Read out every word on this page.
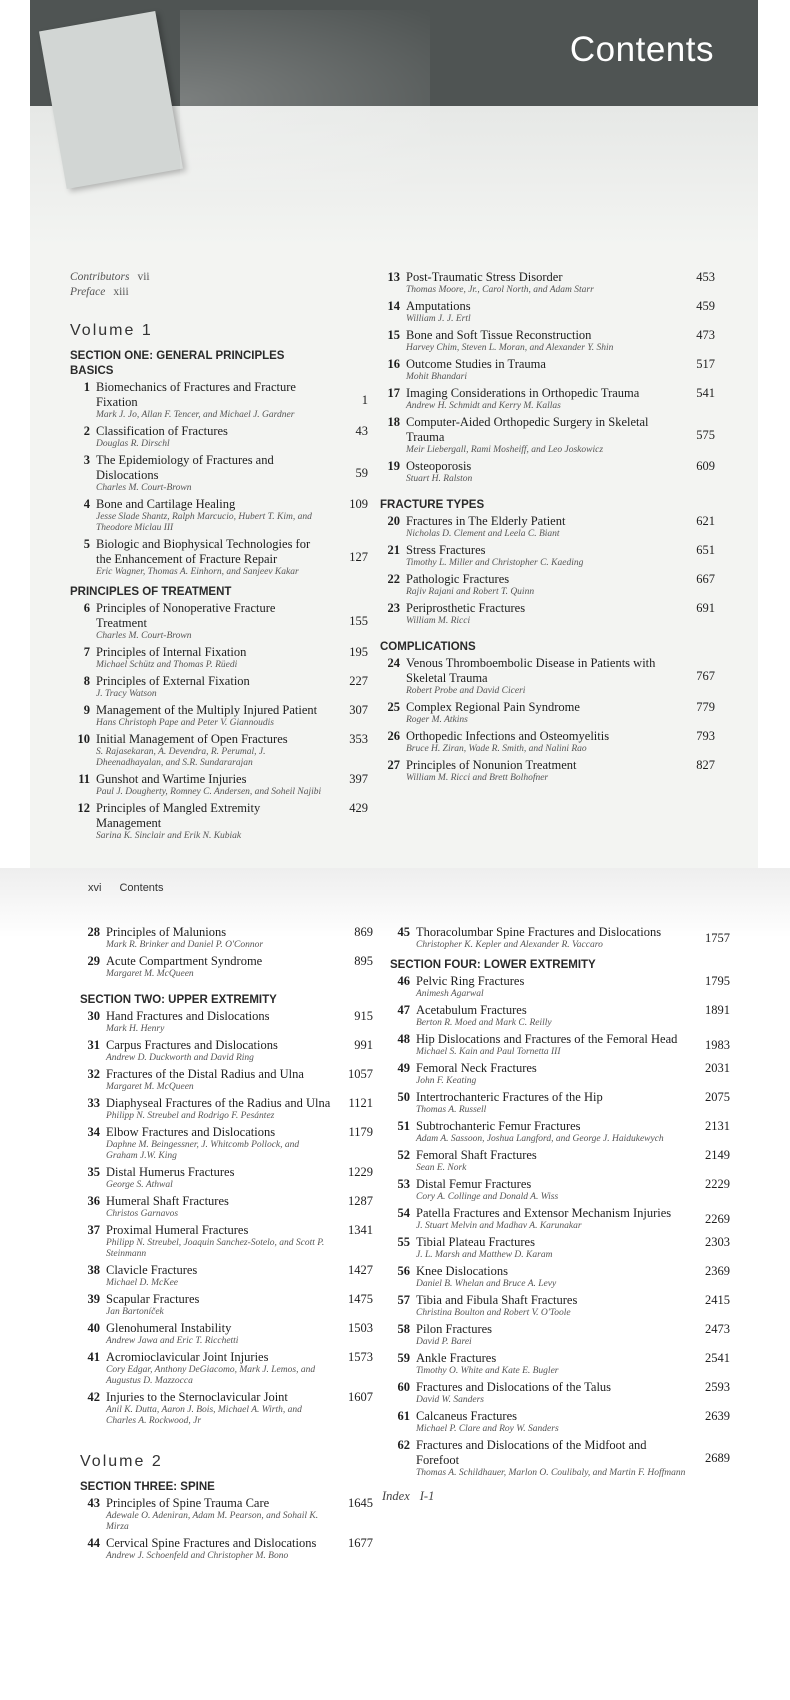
Contents
xvi Contents
Contributors vii
Preface xiii
Volume 1
SECTION ONE: GENERAL PRINCIPLES
BASICS
1 Biomechanics of Fractures and Fracture Fixation
Mark J. Jo, Allan F. Tencer, and Michael J. Gardner
1
2 Classification of Fractures
Douglas R. Dirschl
43
3 The Epidemiology of Fractures and Dislocations
Charles M. Court-Brown
59
4 Bone and Cartilage Healing
Jesse Slade Shantz, Ralph Marcucio, Hubert T. Kim, and Theodore Miclau III
109
5 Biologic and Biophysical Technologies for the Enhancement of Fracture Repair
Eric Wagner, Thomas A. Einhorn, and Sanjeev Kakar
127
PRINCIPLES OF TREATMENT
6 Principles of Nonoperative Fracture Treatment
Charles M. Court-Brown
155
7 Principles of Internal Fixation
Michael Schütz and Thomas P. Rüedi
195
8 Principles of External Fixation
J. Tracy Watson
227
9 Management of the Multiply Injured Patient
Hans Christoph Pape and Peter V. Giannoudis
307
10 Initial Management of Open Fractures
S. Rajasekaran, A. Devendra, R. Perumal, J. Dheenadhayalan, and S.R. Sundararajan
353
11 Gunshot and Wartime Injuries
Paul J. Dougherty, Romney C. Andersen, and Soheil Najibi
397
12 Principles of Mangled Extremity Management
Sarina K. Sinclair and Erik N. Kubiak
429
13 Post-Traumatic Stress Disorder
Thomas Moore, Jr., Carol North, and Adam Starr
453
14 Amputations
William J. J. Ertl
459
15 Bone and Soft Tissue Reconstruction
Harvey Chim, Steven L. Moran, and Alexander Y. Shin
473
16 Outcome Studies in Trauma
Mohit Bhandari
517
17 Imaging Considerations in Orthopedic Trauma
Andrew H. Schmidt and Kerry M. Kallas
541
18 Computer-Aided Orthopedic Surgery in Skeletal Trauma
Meir Liebergall, Rami Mosheiff, and Leo Joskowicz
575
19 Osteoporosis
Stuart H. Ralston
609
FRACTURE TYPES
20 Fractures in The Elderly Patient
Nicholas D. Clement and Leela C. Biant
621
21 Stress Fractures
Timothy L. Miller and Christopher C. Kaeding
651
22 Pathologic Fractures
Rajiv Rajani and Robert T. Quinn
667
23 Periprosthetic Fractures
William M. Ricci
691
COMPLICATIONS
24 Venous Thromboembolic Disease in Patients with Skeletal Trauma
Robert Probe and David Ciceri
767
25 Complex Regional Pain Syndrome
Roger M. Atkins
779
26 Orthopedic Infections and Osteomyelitis
Bruce H. Ziran, Wade R. Smith, and Nalini Rao
793
27 Principles of Nonunion Treatment
William M. Ricci and Brett Bolhofner
827
28 Principles of Malunions
Mark R. Brinker and Daniel P. O'Connor
869
29 Acute Compartment Syndrome
Margaret M. McQueen
895
SECTION TWO: UPPER EXTREMITY
30 Hand Fractures and Dislocations
Mark H. Henry
915
31 Carpus Fractures and Dislocations
Andrew D. Duckworth and David Ring
991
32 Fractures of the Distal Radius and Ulna
Margaret M. McQueen
1057
33 Diaphyseal Fractures of the Radius and Ulna
Philipp N. Streubel and Rodrigo F. Pesántez
1121
34 Elbow Fractures and Dislocations
Daphne M. Beingessner, J. Whitcomb Pollock, and Graham J.W. King
1179
35 Distal Humerus Fractures
George S. Athwal
1229
36 Humeral Shaft Fractures
Christos Garnavos
1287
37 Proximal Humeral Fractures
Philipp N. Streubel, Joaquin Sanchez-Sotelo, and Scott P. Steinmann
1341
38 Clavicle Fractures
Michael D. McKee
1427
39 Scapular Fractures
Jan Bartoníček
1475
40 Glenohumeral Instability
Andrew Jawa and Eric T. Ricchetti
1503
41 Acromioclavicular Joint Injuries
Cory Edgar, Anthony DeGiacomo, Mark J. Lemos, and Augustus D. Mazzocca
1573
42 Injuries to the Sternoclavicular Joint
Anil K. Dutta, Aaron J. Bois, Michael A. Wirth, and Charles A. Rockwood, Jr
1607
Volume 2
SECTION THREE: SPINE
43 Principles of Spine Trauma Care
Adewale O. Adeniran, Adam M. Pearson, and Sohail K. Mirza
1645
44 Cervical Spine Fractures and Dislocations
Andrew J. Schoenfeld and Christopher M. Bono
1677
45 Thoracolumbar Spine Fractures and Dislocations
Christopher K. Kepler and Alexander R. Vaccaro
1757
SECTION FOUR: LOWER EXTREMITY
46 Pelvic Ring Fractures
Animesh Agarwal
1795
47 Acetabulum Fractures
Berton R. Moed and Mark C. Reilly
1891
48 Hip Dislocations and Fractures of the Femoral Head
Michael S. Kain and Paul Tornetta III
1983
49 Femoral Neck Fractures
John F. Keating
2031
50 Intertrochanteric Fractures of the Hip
Thomas A. Russell
2075
51 Subtrochanteric Femur Fractures
Adam A. Sassoon, Joshua Langford, and George J. Haidukewych
2131
52 Femoral Shaft Fractures
Sean E. Nork
2149
53 Distal Femur Fractures
Cory A. Collinge and Donald A. Wiss
2229
54 Patella Fractures and Extensor Mechanism Injuries
J. Stuart Melvin and Madhav A. Karunakar
2269
55 Tibial Plateau Fractures
J. L. Marsh and Matthew D. Karam
2303
56 Knee Dislocations
Daniel B. Whelan and Bruce A. Levy
2369
57 Tibia and Fibula Shaft Fractures
Christina Boulton and Robert V. O'Toole
2415
58 Pilon Fractures
David P. Barei
2473
59 Ankle Fractures
Timothy O. White and Kate E. Bugler
2541
60 Fractures and Dislocations of the Talus
David W. Sanders
2593
61 Calcaneus Fractures
Michael P. Clare and Roy W. Sanders
2639
62 Fractures and Dislocations of the Midfoot and Forefoot
Thomas A. Schildhauer, Marlon O. Coulibaly, and Martin F. Hoffmann
2689
Index I-1
